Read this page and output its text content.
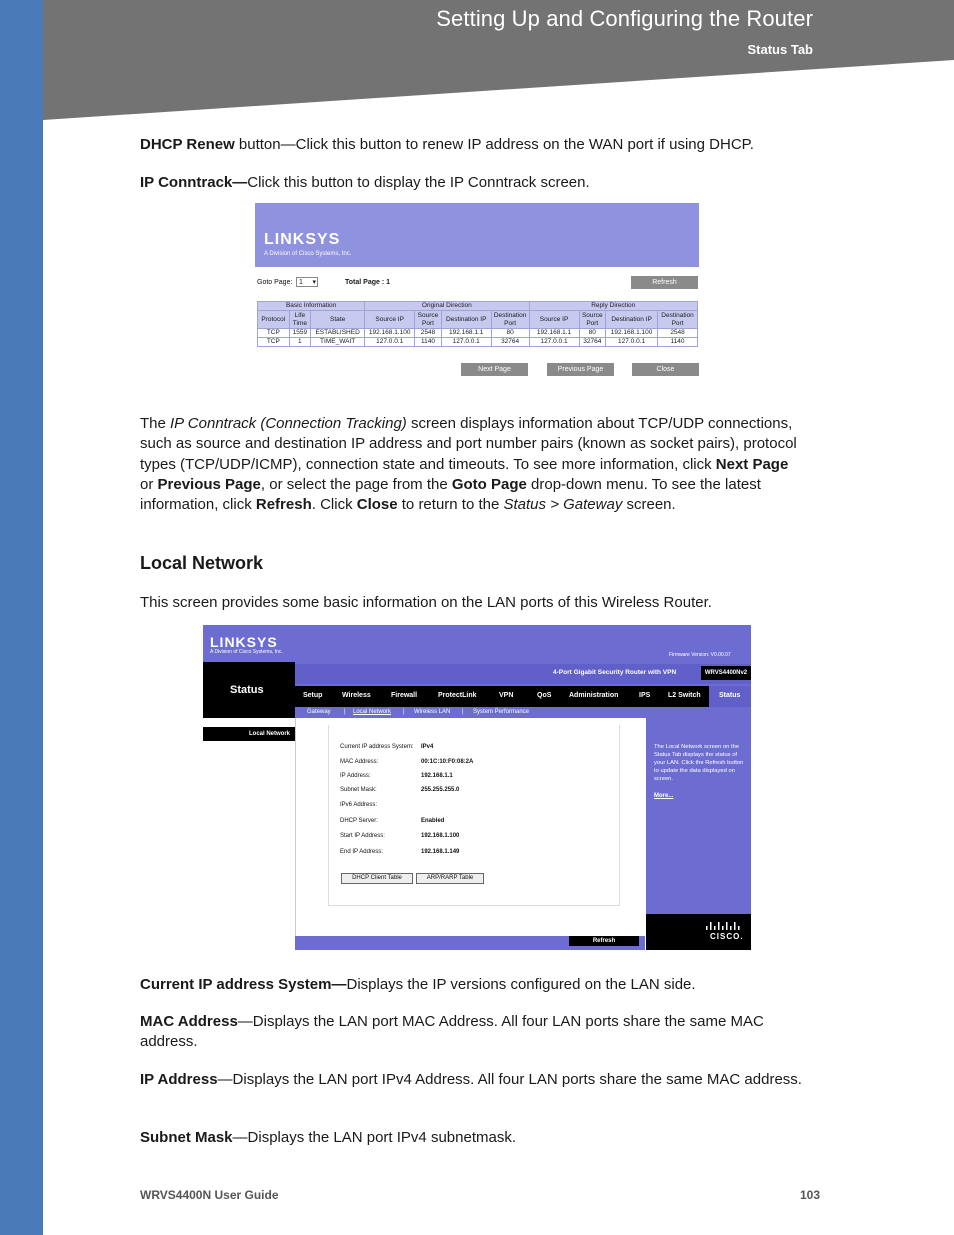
Setting Up and Configuring the Router
Status Tab
DHCP Renew button—Click this button to renew IP address on the WAN port if using DHCP.
IP Conntrack—Click this button to display the IP Conntrack screen.
LINKSYS
A Division of Cisco Systems, Inc.
Goto Page: 1 ▾	Total Page : 1	Refresh
Basic Information			Original Direction				Reply Direction			
Protocol	Life Time	State	Source IP	Source Port	Destination IP	Destination Port	Source IP	Source Port	Destination IP	Destination Port
TCP	1559	ESTABLISHED	192.168.1.100	2548	192.168.1.1	80	192.168.1.1	80	192.168.1.100	2548
TCP	1	TIME_WAIT	127.0.0.1	1140	127.0.0.1	32764	127.0.0.1	32764	127.0.0.1	1140
Next Page	Previous Page	Close
The IP Conntrack (Connection Tracking) screen displays information about TCP/UDP connections, such as source and destination IP address and port number pairs (known as socket pairs), protocol types (TCP/UDP/ICMP), connection state and timeouts. To see more information, click Next Page or Previous Page, or select the page from the Goto Page drop-down menu. To see the latest information, click Refresh. Click Close to return to the Status > Gateway screen.
Local Network
This screen provides some basic information on the LAN ports of this Wireless Router.
LINKSYS
A Division of Cisco Systems, Inc.	Firmware Version: V0.00.07
Status
4-Port Gigabit Security Router with VPN	WRVS4400Nv2
Setup	Wireless	Firewall	ProtectLink	VPN	QoS	Administration	IPS	L2 Switch	Status
Gateway | Local Network | Wireless LAN | System Performance
Local Network
Current IP address System: IPv4
MAC Address:	00:1C:10:F0:08:2A
IP Address:	192.168.1.1
Subnet Mask:	255.255.255.0
IPv6 Address:
DHCP Server:	Enabled
Start IP Address:	192.168.1.100
End IP Address:	192.168.1.149
DHCP Client Table	ARP/RARP Table
The Local Network screen on the Status Tab displays the status of your LAN. Click the Refresh button to update the data displayed on screen.
More...
Refresh	CISCO.
Current IP address System—Displays the IP versions configured on the LAN side.
MAC Address—Displays the LAN port MAC Address. All four LAN ports share the same MAC address.
IP Address—Displays the LAN port IPv4 Address. All four LAN ports share the same MAC address.
Subnet Mask—Displays the LAN port IPv4 subnetmask.
WRVS4400N User Guide	103
